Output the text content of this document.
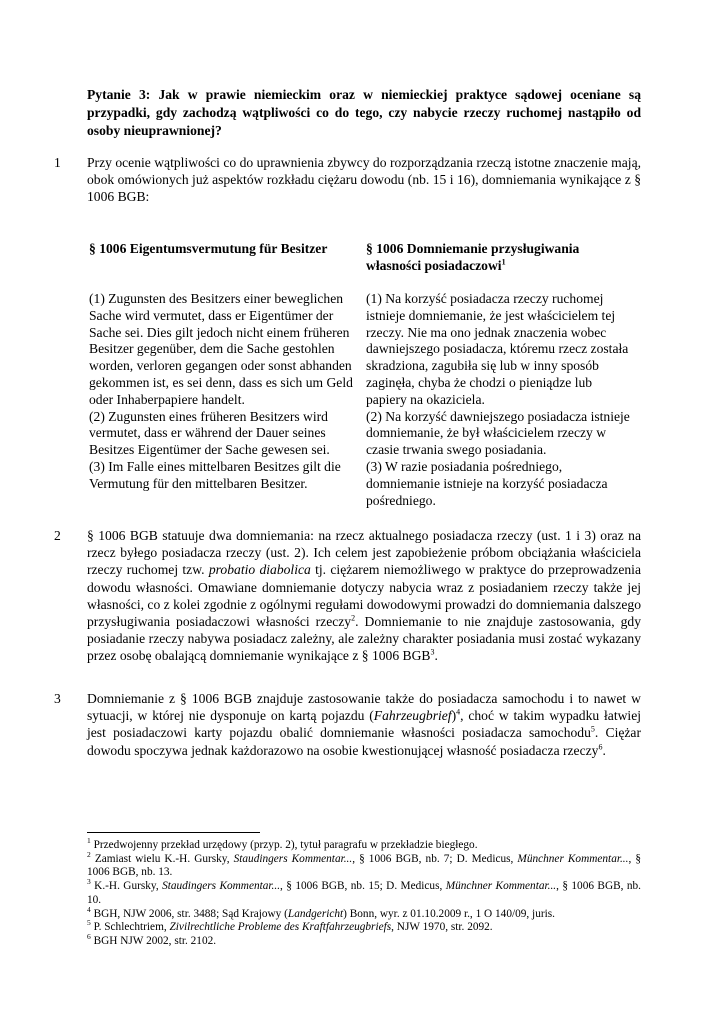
Pytanie 3: Jak w prawie niemieckim oraz w niemieckiej praktyce sądowej oceniane są przypadki, gdy zachodzą wątpliwości co do tego, czy nabycie rzeczy ruchomej nastąpiło od osoby nieuprawnionej?
1 Przy ocenie wątpliwości co do uprawnienia zbywcy do rozporządzania rzeczą istotne znaczenie mają, obok omówionych już aspektów rozkładu ciężaru dowodu (nb. 15 i 16), domniemania wynikające z § 1006 BGB:
§ 1006 Eigentumsvermutung für Besitzer	§ 1006 Domniemanie przysługiwania własności posiadaczowi$^1$

(1) Zugunsten des Besitzers einer beweglichen Sache wird vermutet, dass er Eigentümer der Sache sei. Dies gilt jedoch nicht einem früheren Besitzer gegenüber, dem die Sache gestohlen worden, verloren gegangen oder sonst abhanden gekommen ist, es sei denn, dass es sich um Geld oder Inhaberpapiere handelt.

(2) Zugunsten eines früheren Besitzers wird vermutet, dass er während der Dauer seines Besitzes Eigentümer der Sache gewesen sei.

(3) Im Falle eines mittelbaren Besitzes gilt die Vermutung für den mittelbaren Besitzer.

(1) Na korzyść posiadacza rzeczy ruchomej istnieje domniemanie, że jest właścicielem tej rzeczy. Nie ma ono jednak znaczenia wobec dawniejszego posiadacza, któremu rzecz została skradziona, zagubiła się lub w inny sposób zaginęła, chyba że chodzi o pieniądze lub papiery na okaziciela.

(2) Na korzyść dawniejszego posiadacza istnieje domniemanie, że był właścicielem rzeczy w czasie trwania swego posiadania.

(3) W razie posiadania pośredniego, domniemanie istnieje na korzyść posiadacza pośredniego.

2 § 1006 BGB statuuje dwa domniemania: na rzecz aktualnego posiadacza rzeczy (ust. 1 i 3) oraz na rzecz byłego posiadacza rzeczy (ust. 2). Ich celem jest zapobieżenie próbom obciążania właściciela rzeczy ruchomej tzw. probatio diabolica tj. ciężarem niemożliwego w praktyce do przeprowadzenia dowodu własności. Omawiane domniemanie dotyczy nabycia wraz z posiadaniem rzeczy także jej własności, co z kolei zgodnie z ogólnymi regułami dowodowymi prowadzi do domniemania dalszego przysługiwania posiadaczowi własności rzeczy$^2$. Domniemanie to nie znajduje zastosowania, gdy posiadanie rzeczy nabywa posiadacz zależny, ale zależny charakter posiadania musi zostać wykazany przez osobę obalającą domniemanie wynikające z § 1006 BGB$^3$.
3 Domniemanie z § 1006 BGB znajduje zastosowanie także do posiadacza samochodu i to nawet w sytuacji, w której nie dysponuje on kartą pojazdu (Fahrzeugbrief)$^4$, choć w takim wypadku łatwiej jest posiadaczowi karty pojazdu obalić domniemanie własności posiadacza samochodu$^5$. Ciężar dowodu spoczywa jednak każdorazowo na osobie kwestionującej własność posiadacza rzeczy$^6$.

$^1$ Przedwojenny przekład urzędowy (przyp. 2), tytuł paragrafu w przekładzie biegłego.

$^2$ Zamiast wielu K.-H. Gursky, Staudingers Kommentar..., § 1006 BGB, nb. 7; D. Medicus, Münchner Kommentar..., § 1006 BGB, nb. 13.

$^3$ K.-H. Gursky, Staudingers Kommentar..., § 1006 BGB, nb. 15; D. Medicus, Münchner Kommentar..., § 1006 BGB, nb. 10.

$^4$ BGH, NJW 2006, str. 3488; Sąd Krajowy (Landgericht) Bonn, wyr. z 01.10.2009 r., 1 O 140/09, juris.

$^5$ P. Schlechtriem, Zivilrechtliche Probleme des Kraftfahrzeugbriefs, NJW 1970, str. 2092.

$^6$ BGH NJW 2002, str. 2102.
